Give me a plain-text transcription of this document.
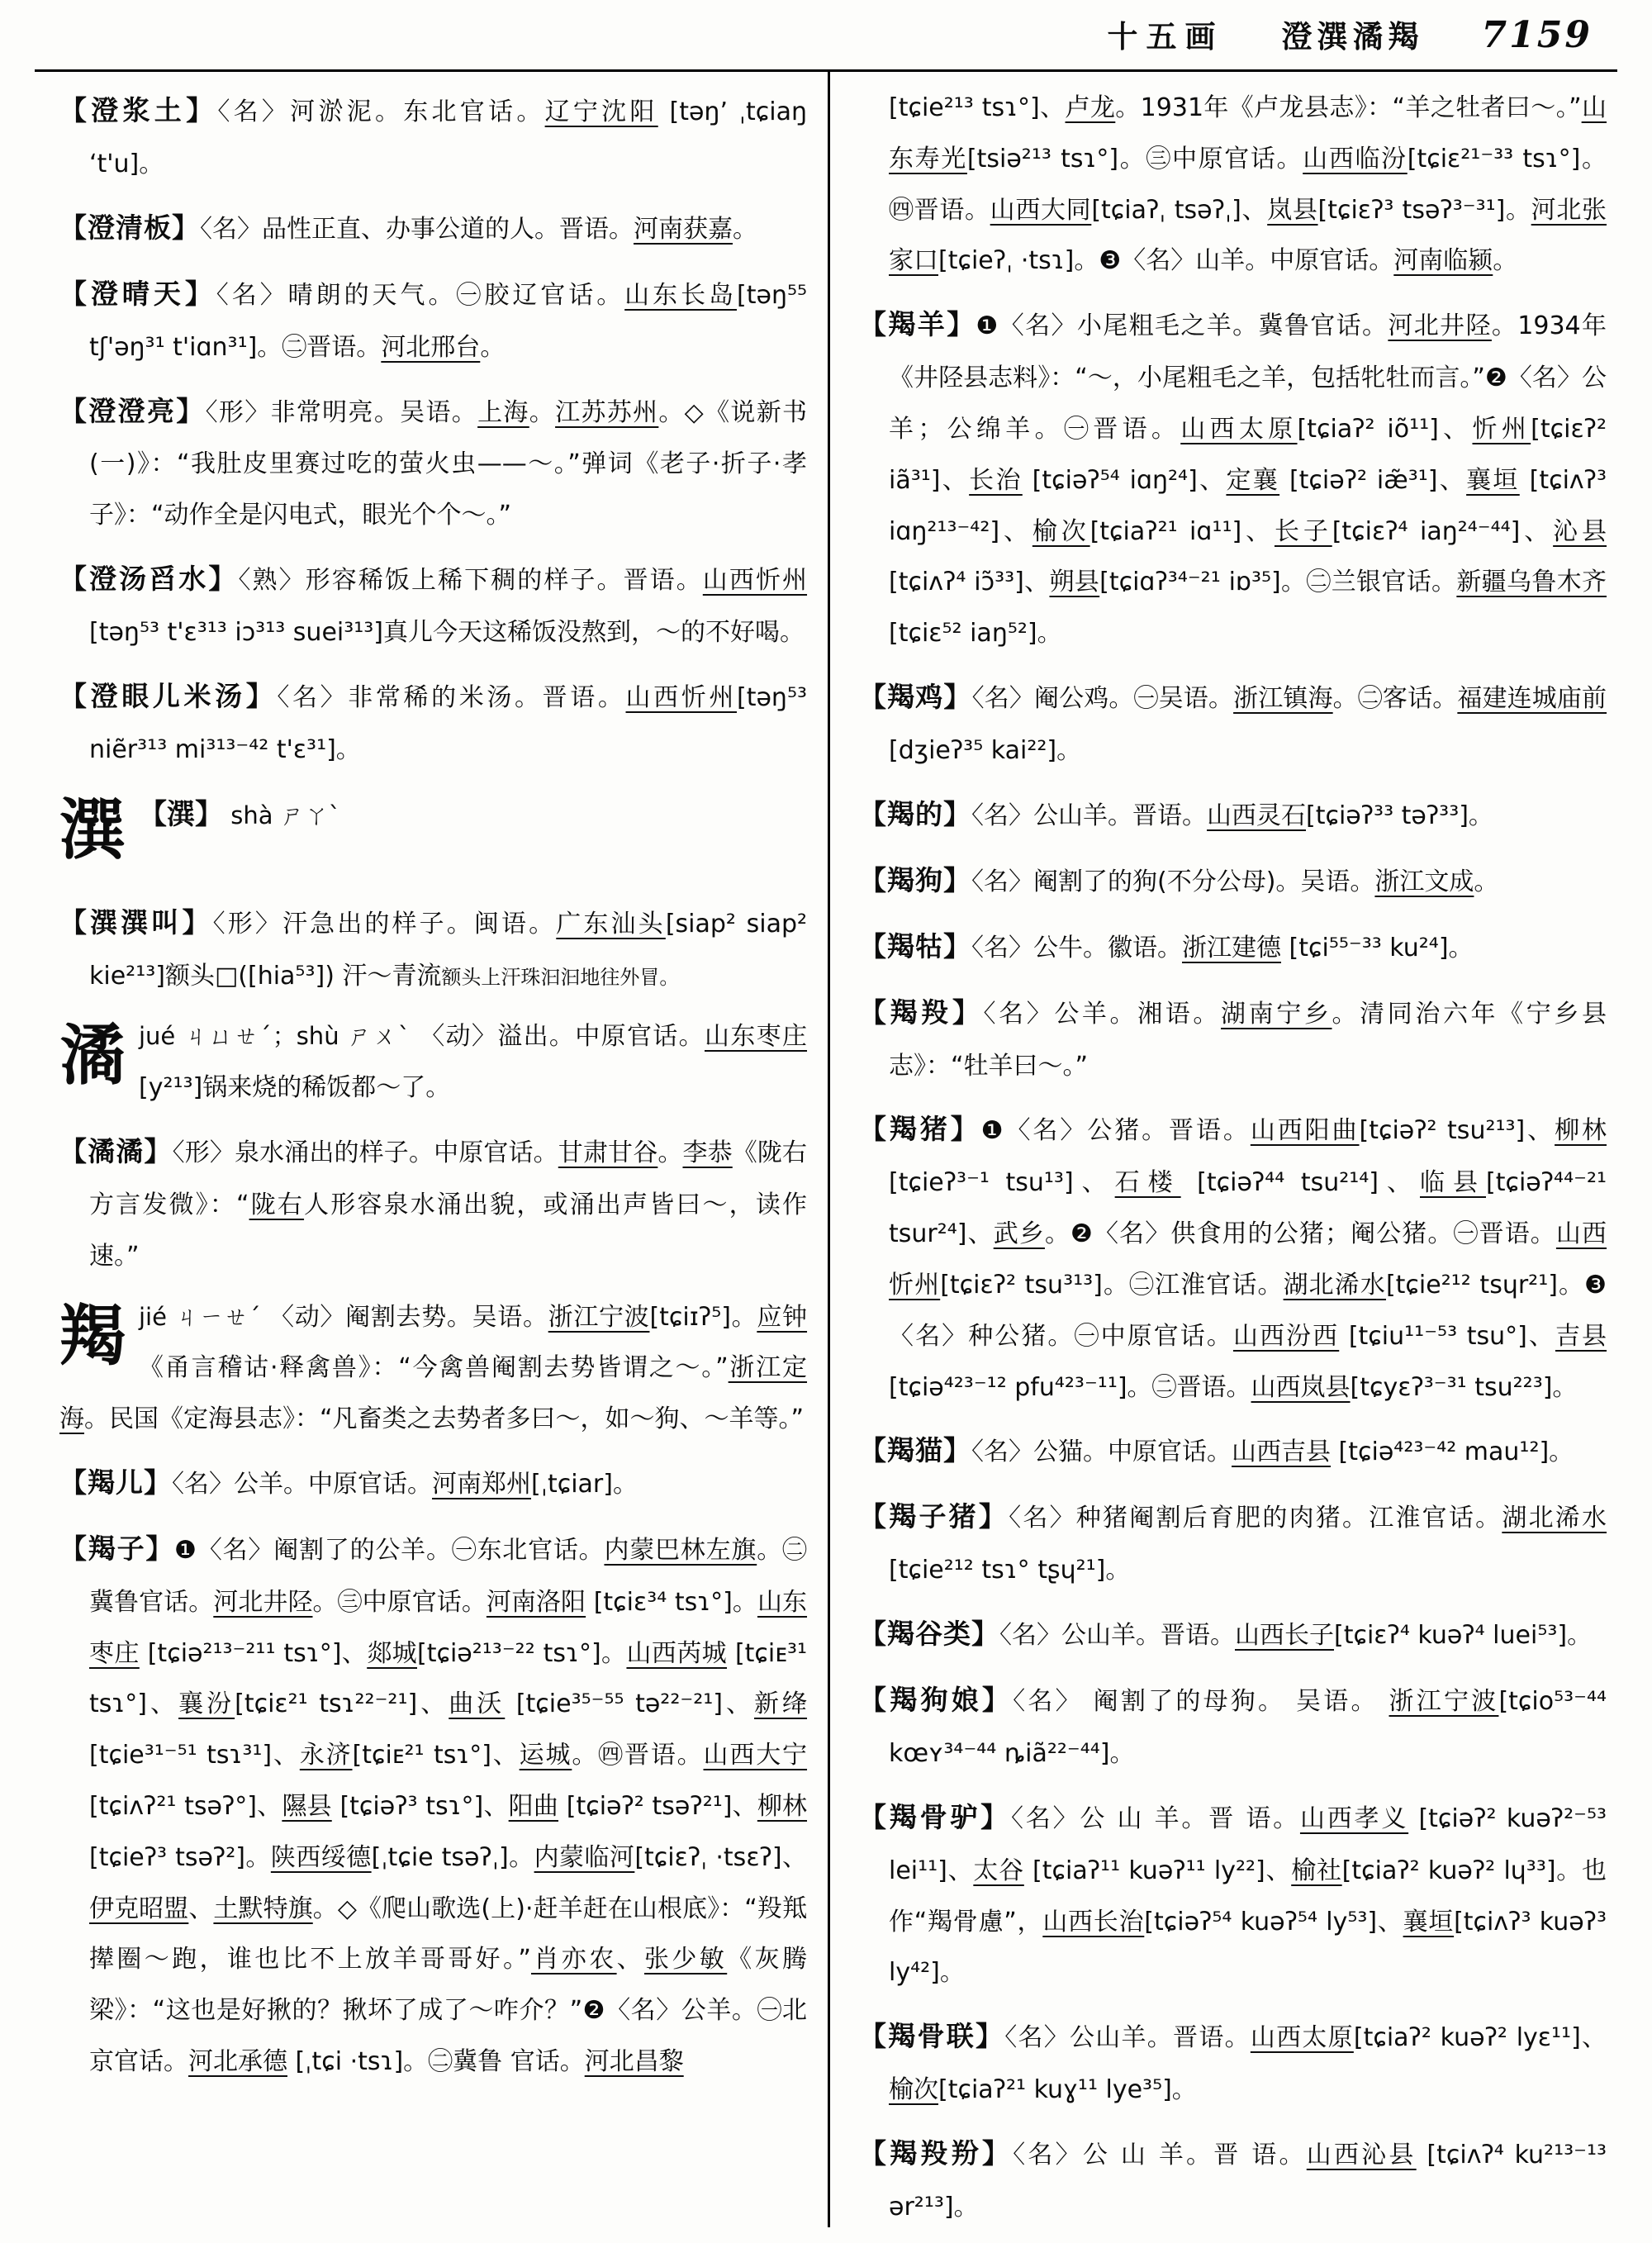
十五画 澄潠潏羯 7159
【澄浆土】〈名〉河淤泥。东北官话。辽宁沈阳 [təŋʼ ˌtɕiaŋ ʻt'u]。
【澄清板】〈名〉品性正直、办事公道的人。晋语。河南获嘉。
【澄晴天】〈名〉晴朗的天气。㊀胶辽官话。山东长岛[təŋ⁵⁵ tʃ'əŋ³¹ t'iɑn³¹]。㊁晋语。河北邢台。
【澄澄亮】〈形〉非常明亮。吴语。上海。江苏苏州。◇《说新书(一)》：“我肚皮里赛过吃的萤火虫——～。”弹词《老子·折子·孝子》：“动作全是闪电式，眼光个个～。”
【澄汤舀水】〈熟〉形容稀饭上稀下稠的样子。晋语。山西忻州[təŋ⁵³ t'ɛ³¹³ iɔ³¹³ suei³¹³]真儿今天这稀饭没熬到，～的不好喝。
【澄眼儿米汤】〈名〉非常稀的米汤。晋语。山西忻州[təŋ⁵³ niẽr³¹³ mi³¹³⁻⁴² t'ɛ³¹]。
潠 【潠】 shà ㄕㄚˋ
【潠潠叫】〈形〉汗急出的样子。闽语。广东汕头[siap² siap² kie²¹³]额头□([hia⁵³]) 汗～青流额头上汗珠汩汩地往外冒。
潏jué ㄐㄩㄝˊ；shù ㄕㄨˋ 〈动〉溢出。中原官话。山东枣庄[y²¹³]锅来烧的稀饭都～了。
【潏潏】〈形〉泉水涌出的样子。中原官话。甘肃甘谷。李恭《陇右方言发微》：“陇右人形容泉水涌出貌，或涌出声皆曰～，读作速。”
羯jié ㄐㄧㄝˊ 〈动〉阉割去势。吴语。浙江宁波[tɕiɪʔ⁵]。应钟《甬言稽诂·释禽兽》：“今禽兽阉割去势皆谓之～。”浙江定海。民国《定海县志》：“凡畜类之去势者多曰～，如～狗、～羊等。”
【羯儿】〈名〉公羊。中原官话。河南郑州[ˌtɕiar]。
【羯子】❶〈名〉阉割了的公羊。㊀东北官话。内蒙巴林左旗。㊁冀鲁官话。河北井陉。㊂中原官话。河南洛阳 [tɕiɛ³⁴ tsɿ°]。山东枣庄 [tɕiə²¹³⁻²¹¹ tsɿ°]、郯城[tɕiə²¹³⁻²² tsɿ°]。山西芮城 [tɕiᴇ³¹ tsɿ°]、襄汾[tɕiɛ²¹ tsɿ²²⁻²¹]、曲沃 [tɕie³⁵⁻⁵⁵ tə²²⁻²¹]、新绛 [tɕie³¹⁻⁵¹ tsɿ³¹]、永济[tɕiᴇ²¹ tsɿ°]、运城。㊃晋语。山西大宁[tɕiʌʔ²¹ tsəʔ°]、隰县 [tɕiəʔ³ tsɿ°]、阳曲 [tɕiəʔ² tsəʔ²¹]、柳林[tɕieʔ³ tsəʔ²]。陕西绥德[ˌtɕie tsəʔˌ]。内蒙临河[tɕiɛʔˌ ·tsɛʔ]、伊克昭盟、土默特旗。◇《爬山歌选(上)·赶羊赶在山根底》：“羖羝撵圈～跑，谁也比不上放羊哥哥好。”肖亦农、张少敏《灰腾梁》：“这也是好揪的？揪坏了成了～咋介？”❷〈名〉公羊。㊀北京官话。河北承德 [ˌtɕi ·tsɿ]。㊁冀鲁 官话。河北昌黎
[tɕie²¹³ tsɿ°]、卢龙。1931年《卢龙县志》：“羊之牡者曰～。”山东寿光[tsiə²¹³ tsɿ°]。㊂中原官话。山西临汾[tɕiɛ²¹⁻³³ tsɿ°]。㊃晋语。山西大同[tɕiaʔˌ tsəʔˌ]、岚县[tɕiɛʔ³ tsəʔ³⁻³¹]。河北张家口[tɕieʔˌ ·tsɿ]。❸〈名〉山羊。中原官话。河南临颍。
【羯羊】❶〈名〉小尾粗毛之羊。冀鲁官话。河北井陉。1934年《井陉县志料》：“～，小尾粗毛之羊，包括牝牡而言。”❷〈名〉公羊；公绵羊。㊀晋语。山西太原[tɕiaʔ² iõ¹¹]、忻州[tɕiɛʔ² iã³¹]、长治 [tɕiəʔ⁵⁴ iɑŋ²⁴]、定襄 [tɕiəʔ² iæ̃³¹]、襄垣 [tɕiʌʔ³ iɑŋ²¹³⁻⁴²]、榆次[tɕiaʔ²¹ iɑ¹¹]、长子[tɕiɛʔ⁴ iaŋ²⁴⁻⁴⁴]、沁县 [tɕiʌʔ⁴ iɔ̃³³]、朔县[tɕiɑʔ³⁴⁻²¹ iɒ³⁵]。㊁兰银官话。新疆乌鲁木齐[tɕiɛ⁵² iaŋ⁵²]。
【羯鸡】〈名〉阉公鸡。㊀吴语。浙江镇海。㊁客话。福建连城庙前[dʒieʔ³⁵ kai²²]。
【羯的】〈名〉公山羊。晋语。山西灵石[tɕiəʔ³³ təʔ³³]。
【羯狗】〈名〉阉割了的狗(不分公母)。吴语。浙江文成。
【羯牯】〈名〉公牛。徽语。浙江建德 [tɕi⁵⁵⁻³³ ku²⁴]。
【羯羖】〈名〉公羊。湘语。湖南宁乡。清同治六年《宁乡县志》：“牡羊曰～。”
【羯猪】❶〈名〉公猪。晋语。山西阳曲[tɕiəʔ² tsu²¹³]、柳林[tɕieʔ³⁻¹ tsu¹³]、石楼 [tɕiəʔ⁴⁴ tsu²¹⁴]、临县[tɕiəʔ⁴⁴⁻²¹ tsur²⁴]、武乡。❷〈名〉供食用的公猪；阉公猪。㊀晋语。山西忻州[tɕiɛʔ² tsu³¹³]。㊁江淮官话。湖北浠水[tɕie²¹² tsɥr²¹]。❸〈名〉种公猪。㊀中原官话。山西汾西 [tɕiu¹¹⁻⁵³ tsu°]、吉县 [tɕiə⁴²³⁻¹² pfu⁴²³⁻¹¹]。㊁晋语。山西岚县[tɕyɛʔ³⁻³¹ tsu²²³]。
【羯猫】〈名〉公猫。中原官话。山西吉县 [tɕiə⁴²³⁻⁴² mau¹²]。
【羯子猪】〈名〉种猪阉割后育肥的肉猪。江淮官话。湖北浠水[tɕie²¹² tsɿ° tʂɥ²¹]。
【羯谷类】〈名〉公山羊。晋语。山西长子[tɕiɛʔ⁴ kuəʔ⁴ luei⁵³]。
【羯狗娘】〈名〉 阉割了的母狗。 吴语。 浙江宁波[tɕio⁵³⁻⁴⁴ kœʏ³⁴⁻⁴⁴ ȵiã²²⁻⁴⁴]。
【羯骨驴】〈名〉公 山 羊。晋 语。山西孝义 [tɕiəʔ² kuəʔ²⁻⁵³ lei¹¹]、太谷 [tɕiaʔ¹¹ kuəʔ¹¹ ly²²]、榆社[tɕiaʔ² kuəʔ² lɥ³³]。也作“羯骨慮”，山西长治[tɕiəʔ⁵⁴ kuəʔ⁵⁴ ly⁵³]、襄垣[tɕiʌʔ³ kuəʔ³ ly⁴²]。
【羯骨联】〈名〉公山羊。晋语。山西太原[tɕiaʔ² kuəʔ² lyɛ¹¹]、榆次[tɕiaʔ²¹ kuɣ¹¹ lye³⁵]。
【羯羖羒】〈名〉公 山 羊。晋 语。山西沁县 [tɕiʌʔ⁴ ku²¹³⁻¹³ ər²¹³]。
